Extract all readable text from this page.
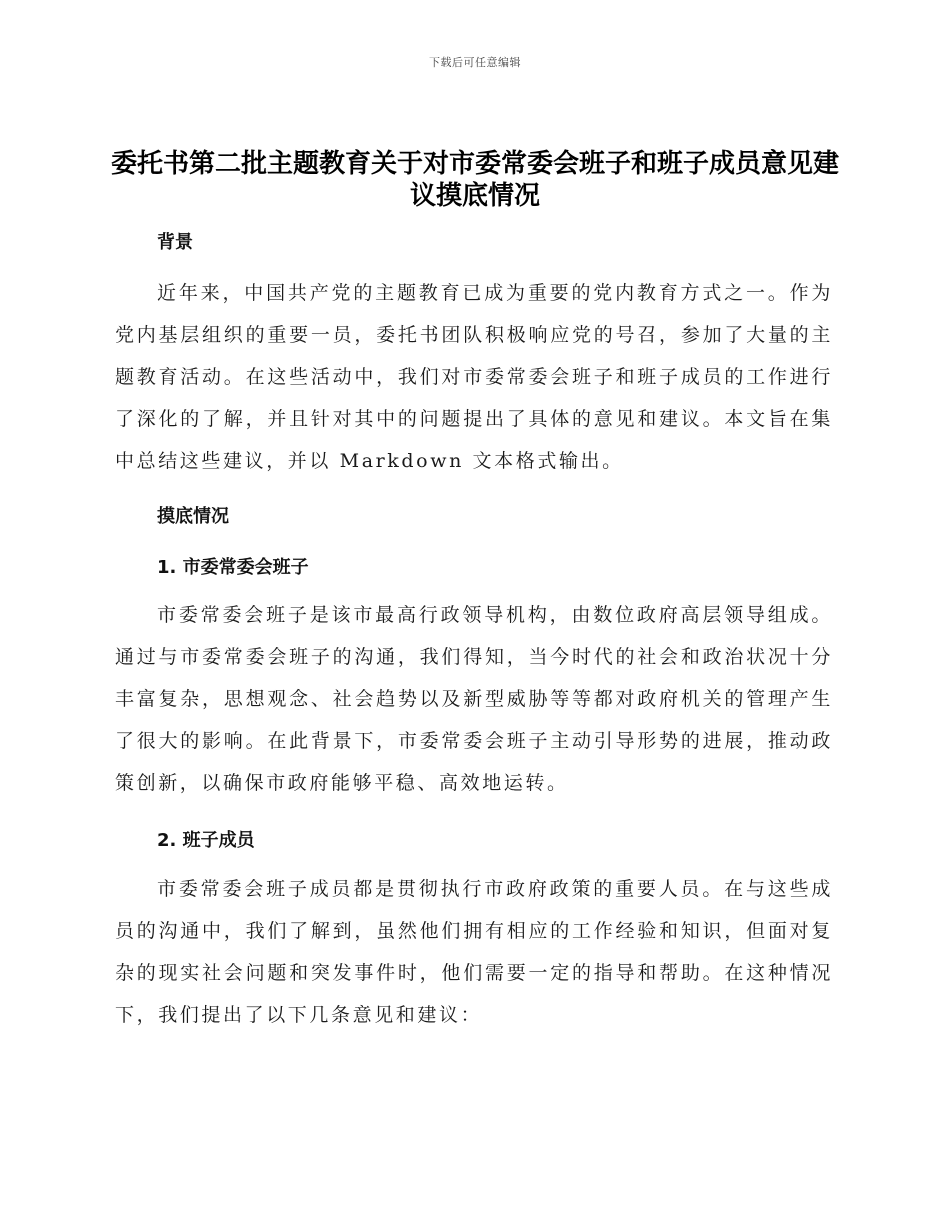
下载后可任意编辑
委托书第二批主题教育关于对市委常委会班子和班子成员意见建议摸底情况
背景
近年来，中国共产党的主题教育已成为重要的党内教育方式之一。作为党内基层组织的重要一员，委托书团队积极响应党的号召，参加了大量的主题教育活动。在这些活动中，我们对市委常委会班子和班子成员的工作进行了深化的了解，并且针对其中的问题提出了具体的意见和建议。本文旨在集中总结这些建议，并以 Markdown 文本格式输出。
摸底情况
1. 市委常委会班子
市委常委会班子是该市最高行政领导机构，由数位政府高层领导组成。通过与市委常委会班子的沟通，我们得知，当今时代的社会和政治状况十分丰富复杂，思想观念、社会趋势以及新型威胁等等都对政府机关的管理产生了很大的影响。在此背景下，市委常委会班子主动引导形势的进展，推动政策创新，以确保市政府能够平稳、高效地运转。
2. 班子成员
市委常委会班子成员都是贯彻执行市政府政策的重要人员。在与这些成员的沟通中，我们了解到，虽然他们拥有相应的工作经验和知识，但面对复杂的现实社会问题和突发事件时，他们需要一定的指导和帮助。在这种情况下，我们提出了以下几条意见和建议：
